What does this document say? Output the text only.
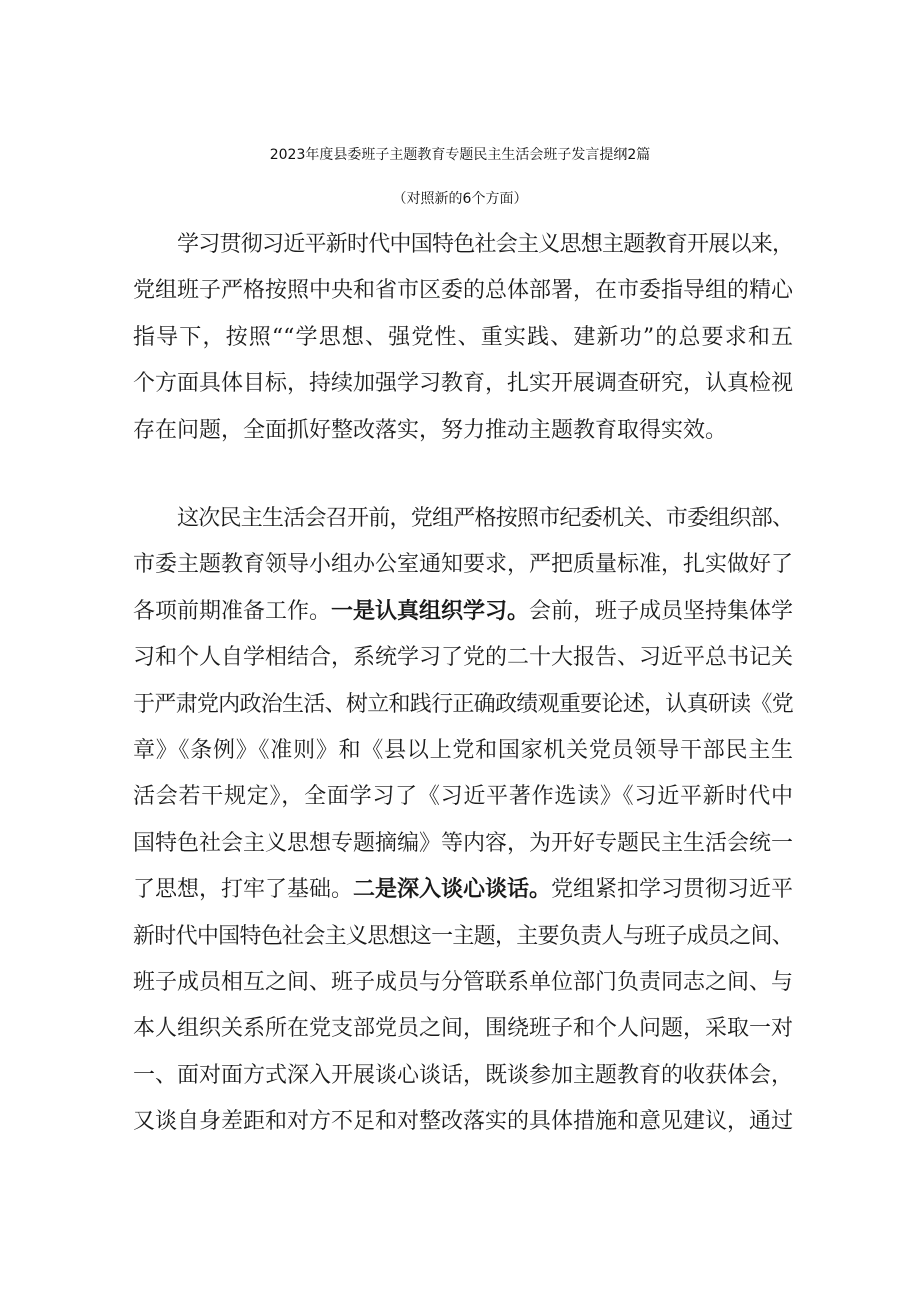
2023年度县委班子主题教育专题民主生活会班子发言提纲2篇
（对照新的6个方面）
学习贯彻习近平新时代中国特色社会主义思想主题教育开展以来，
党组班子严格按照中央和省市区委的总体部署，在市委指导组的精心
指导下，按照““学思想、强党性、重实践、建新功”的总要求和五
个方面具体目标，持续加强学习教育，扎实开展调查研究，认真检视
存在问题，全面抓好整改落实，努力推动主题教育取得实效。
这次民主生活会召开前，党组严格按照市纪委机关、市委组织部、
市委主题教育领导小组办公室通知要求，严把质量标准，扎实做好了
各项前期准备工作。一是认真组织学习。会前，班子成员坚持集体学
习和个人自学相结合，系统学习了党的二十大报告、习近平总书记关
于严肃党内政治生活、树立和践行正确政绩观重要论述，认真研读《党
章》《条例》《准则》和《县以上党和国家机关党员领导干部民主生
活会若干规定》，全面学习了《习近平著作选读》《习近平新时代中
国特色社会主义思想专题摘编》等内容，为开好专题民主生活会统一
了思想，打牢了基础。二是深入谈心谈话。党组紧扣学习贯彻习近平
新时代中国特色社会主义思想这一主题，主要负责人与班子成员之间、
班子成员相互之间、班子成员与分管联系单位部门负责同志之间、与
本人组织关系所在党支部党员之间，围绕班子和个人问题，采取一对
一、面对面方式深入开展谈心谈话，既谈参加主题教育的收获体会，
又谈自身差距和对方不足和对整改落实的具体措施和意见建议，通过
